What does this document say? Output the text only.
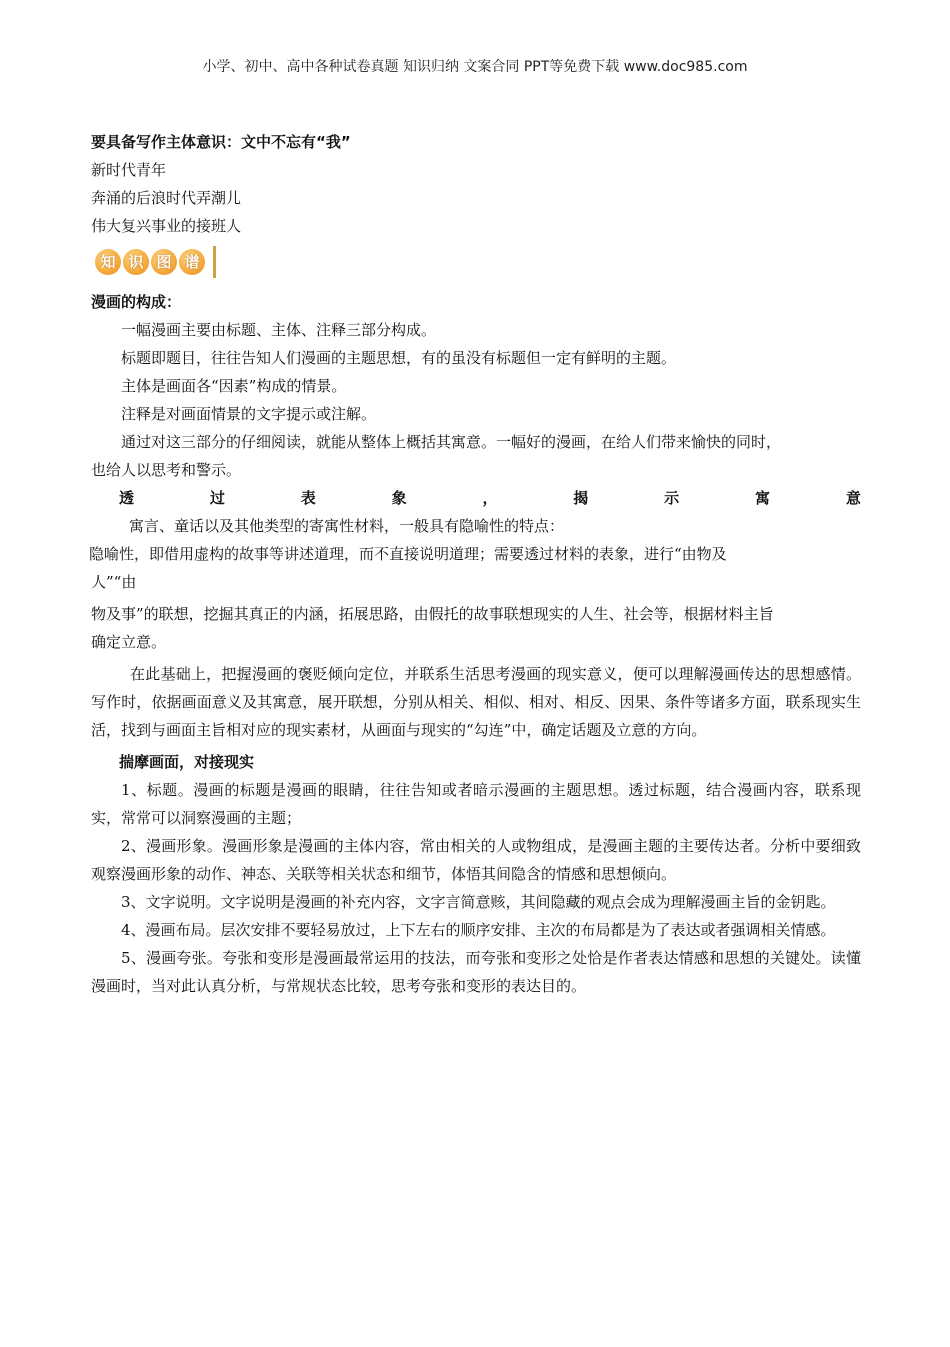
小学、初中、高中各种试卷真题 知识归纳 文案合同 PPT等免费下载 www.doc985.com
要具备写作主体意识：文中不忘有“我”
新时代青年
奔涌的后浪时代弄潮儿
伟大复兴事业的接班人
知 识 图 谱
漫画的构成：
一幅漫画主要由标题、主体、注释三部分构成。
标题即题目，往往告知人们漫画的主题思想，有的虽没有标题但一定有鲜明的主题。
主体是画面各“因素”构成的情景。
注释是对画面情景的文字提示或注解。
通过对这三部分的仔细阅读，就能从整体上概括其寓意。一幅好的漫画，在给人们带来愉快的同时，
也给人以思考和警示。
透	过	表	象	，	揭	示	寓	意
寓言、童话以及其他类型的寄寓性材料，一般具有隐喻性的特点：
隐喻性，即借用虚构的故事等讲述道理，而不直接说明道理；需要透过材料的表象，进行“由物及
人”“由
物及事”的联想，挖掘其真正的内涵，拓展思路，由假托的故事联想现实的人生、社会等，根据材料主旨
确定立意。
在此基础上，把握漫画的褒贬倾向定位，并联系生活思考漫画的现实意义，便可以理解漫画传达的思想感情。写作时，依据画面意义及其寓意，展开联想，分别从相关、相似、相对、相反、因果、条件等诸多方面，联系现实生活，找到与画面主旨相对应的现实素材，从画面与现实的“勾连”中，确定话题及立意的方向。
揣摩画面，对接现实
1、标题。漫画的标题是漫画的眼睛，往往告知或者暗示漫画的主题思想。透过标题，结合漫画内容，联系现实，常常可以洞察漫画的主题；
2、漫画形象。漫画形象是漫画的主体内容，常由相关的人或物组成，是漫画主题的主要传达者。分析中要细致观察漫画形象的动作、神态、关联等相关状态和细节，体悟其间隐含的情感和思想倾向。
3、文字说明。文字说明是漫画的补充内容，文字言简意赅，其间隐藏的观点会成为理解漫画主旨的金钥匙。
4、漫画布局。层次安排不要轻易放过，上下左右的顺序安排、主次的布局都是为了表达或者强调相关情感。
5、漫画夸张。夸张和变形是漫画最常运用的技法，而夸张和变形之处恰是作者表达情感和思想的关键处。读懂漫画时，当对此认真分析，与常规状态比较，思考夸张和变形的表达目的。
